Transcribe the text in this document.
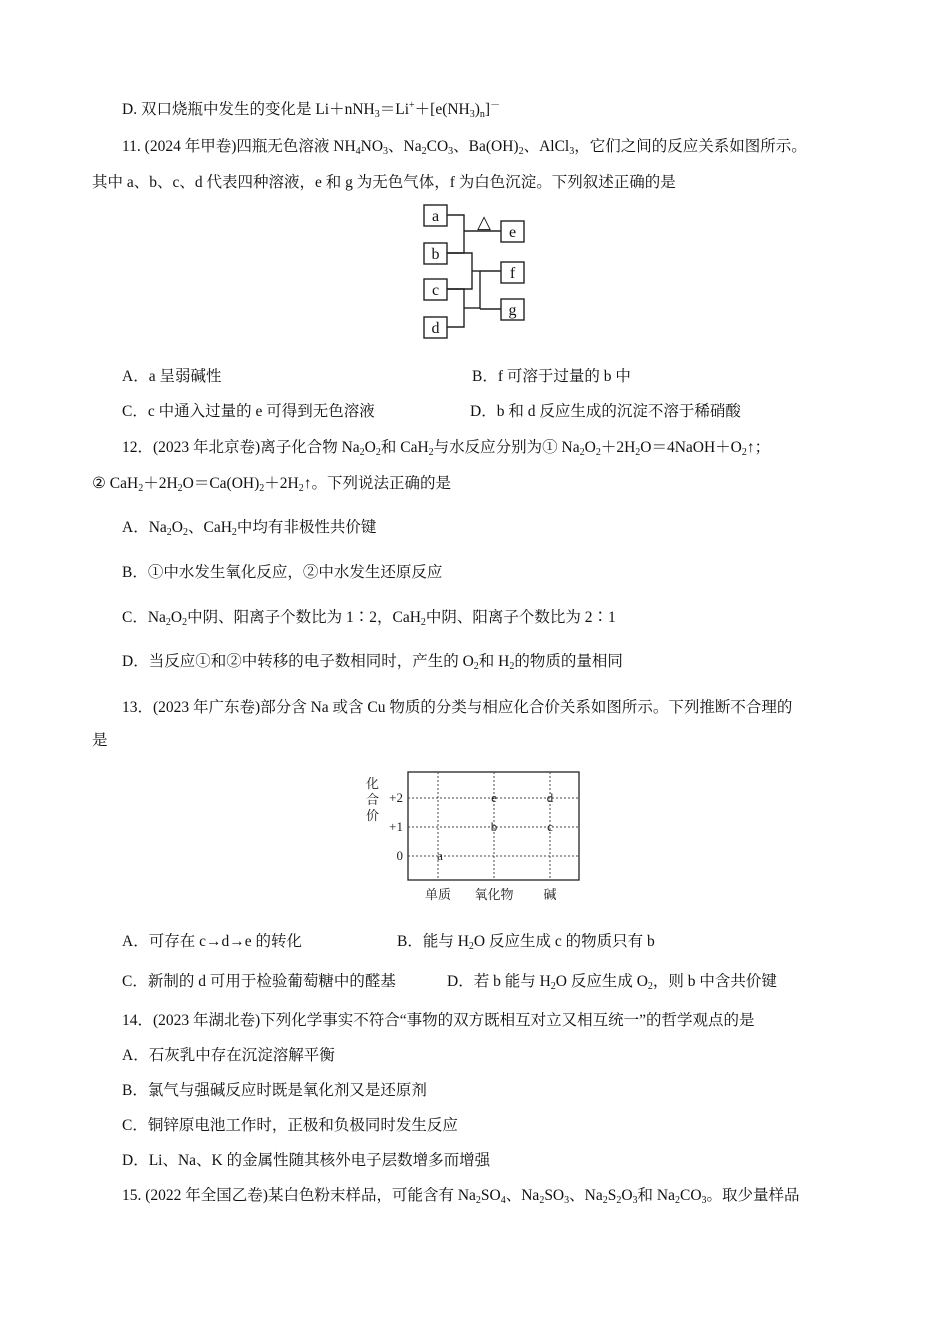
D. 双口烧瓶中发生的变化是 $Li+nNH_3=Li^++[e(NH_3)_n]^-$
11. (2024 年甲卷)四瓶无色溶液 $NH_4NO_3$、$Na_2CO_3$、$Ba(OH)_2$、AlCl$_3$，它们之间的反应关系如图所示。
其中 a、b、c、d 代表四种溶液，e 和 g 为无色气体，f 为白色沉淀。下列叙述正确的是
a
b
c
d
e
f
g
△
A．a 呈弱碱性	B．f 可溶于过量的 b 中
C．c 中通入过量的 e 可得到无色溶液	D．b 和 d 反应生成的沉淀不溶于稀硝酸
12．(2023 年北京卷)离子化合物 $Na_2O_2$和 CaH$_2$与水反应分别为① $Na_2O_2+2H_2O=4NaOH+O_2↑$；
② $CaH_2+2H_2O=Ca(OH)_2+2H_2↑$。下列说法正确的是
A．$Na_2O_2$、CaH$_2$中均有非极性共价键
B．①中水发生氧化反应，②中水发生还原反应
C．$Na_2O_2$中阴、阳离子个数比为 1∶2，CaH$_2$中阴、阳离子个数比为 2∶1
D．当反应①和②中转移的电子数相同时，产生的 $O_2$和 $H_2$的物质的量相同
13．(2023 年广东卷)部分含 Na 或含 Cu 物质的分类与相应化合价关系如图所示。下列推断不合理的
是
化
合
价
+2
+1
0
单质 氧化物 碱
a
b
e
c
d
A．可存在 c→d→e 的转化	B．能与 $H_2O$ 反应生成 c 的物质只有 b
C．新制的 d 可用于检验葡萄糖中的醛基	D．若 b 能与 $H_2O$ 反应生成 $O_2$，则 b 中含共价键
14．(2023 年湖北卷)下列化学事实不符合“事物的双方既相互对立又相互统一”的哲学观点的是
A．石灰乳中存在沉淀溶解平衡
B．氯气与强碱反应时既是氧化剂又是还原剂
C．铜锌原电池工作时，正极和负极同时发生反应
D．Li、Na、K 的金属性随其核外电子层数增多而增强
15. (2022 年全国乙卷)某白色粉末样品，可能含有 $Na_2SO_4$、$Na_2SO_3$、$Na_2S_2O_3$和 $Na_2CO_3$。取少量样品
